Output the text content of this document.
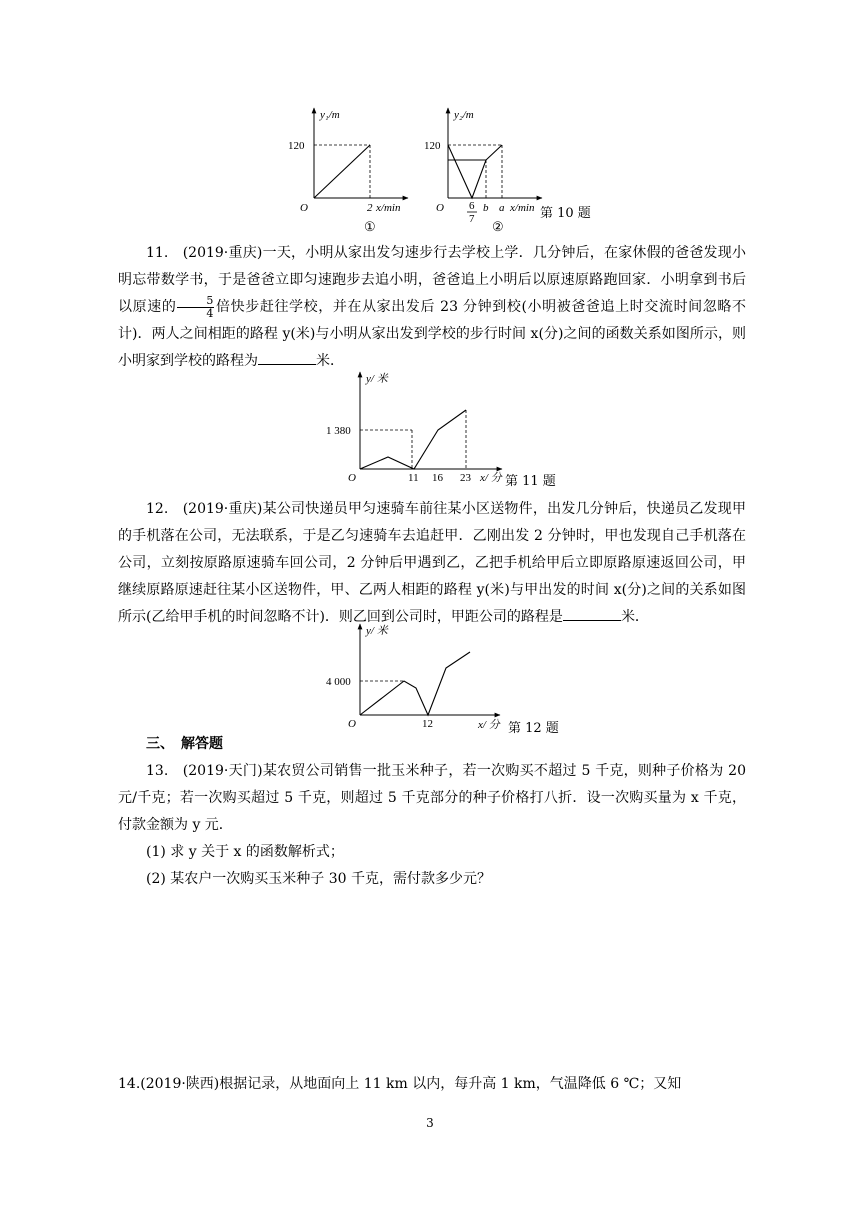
y₁/m
x/min
O
120
2
①
y₂/m
x/min
O
120
6
7
b a
②
第 10 题
11.　(2019·重庆)一天，小明从家出发匀速步行去学校上学．几分钟后，在家休假的爸爸发现小明忘带数学书，于是爸爸立即匀速跑步去追小明，爸爸追上小明后以原速原路跑回家．小明拿到书后以原速的 $\frac{5}{4}$ 倍快步赶往学校，并在从家出发后 23 分钟到校(小明被爸爸追上时交流时间忽略不计)．两人之间相距的路程 y(米)与小明从家出发到学校的步行时间 x(分)之间的函数关系如图所示，则小明家到学校的路程为	米．
y/ 米
x/ 分
O
1 380
11 16 23	第 11 题
12.　(2019·重庆)某公司快递员甲匀速骑车前往某小区送物件，出发几分钟后，快递员乙发现甲的手机落在公司，无法联系，于是乙匀速骑车去追赶甲．乙刚出发 2 分钟时，甲也发现自己手机落在公司，立刻按原路原速骑车回公司，2 分钟后甲遇到乙，乙把手机给甲后立即原路原速返回公司，甲继续原路原速赶往某小区送物件，甲、乙两人相距的路程 y(米)与甲出发的时间 x(分)之间的关系如图所示(乙给甲手机的时间忽略不计)．则乙回到公司时，甲距公司的路程是	米．
y/ 米
x/ 分
O
4 000
12	第 12 题
三、　解答题

13.　(2019·天门)某农贸公司销售一批玉米种子，若一次购买不超过 5 千克，则种子价格为 20 元/千克；若一次购买超过 5 千克，则超过 5 千克部分的种子价格打八折．设一次购买量为 x 千克，付款金额为 y 元．

(1) 求 y 关于 x 的函数解析式；

(2) 某农户一次购买玉米种子 30 千克，需付款多少元？

14.(2019·陕西)根据记录，从地面向上 11 km 以内，每升高 1 km，气温降低 6 ℃；又知

3
